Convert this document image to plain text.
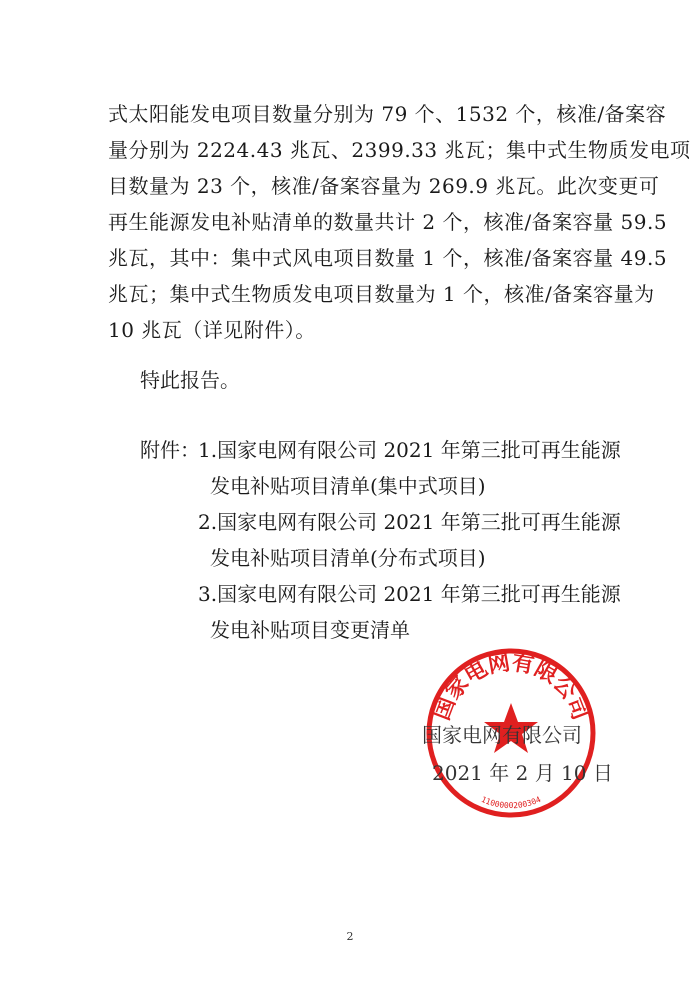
式太阳能发电项目数量分别为 79 个、1532 个，核准/备案容
量分别为 2224.43 兆瓦、2399.33 兆瓦；集中式生物质发电项
目数量为 23 个，核准/备案容量为 269.9 兆瓦。此次变更可
再生能源发电补贴清单的数量共计 2 个，核准/备案容量 59.5
兆瓦，其中：集中式风电项目数量 1 个，核准/备案容量 49.5
兆瓦；集中式生物质发电项目数量为 1 个，核准/备案容量为
10 兆瓦（详见附件）。
特此报告。
附件：
1.国家电网有限公司 2021 年第三批可再生能源
发电补贴项目清单(集中式项目)
2.国家电网有限公司 2021 年第三批可再生能源
发电补贴项目清单(分布式项目)
3.国家电网有限公司 2021 年第三批可再生能源
发电补贴项目变更清单
国家电网有限公司
1100000200304
国家电网有限公司
2021 年 2 月 10 日
2
